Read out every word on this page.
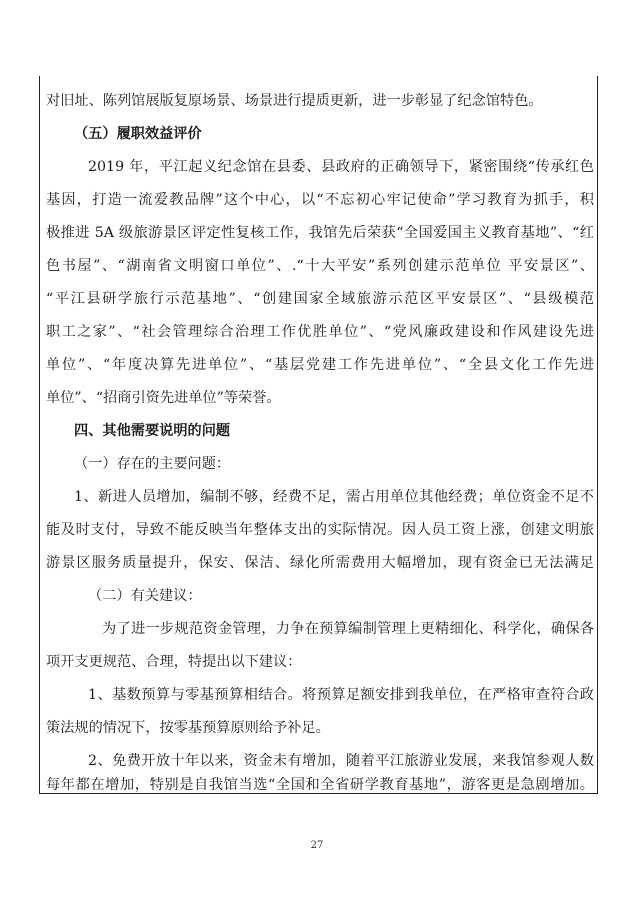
对旧址、陈列馆展版复原场景、场景进行提质更新，进一步彰显了纪念馆特色。
（五）履职效益评价
2019 年，平江起义纪念馆在县委、县政府的正确领导下，紧密围绕“传承红色
基因，打造一流爱教品牌”这个中心，以“不忘初心牢记使命”学习教育为抓手，积
极推进 5A 级旅游景区评定性复核工作，我馆先后荣获“全国爱国主义教育基地”、“红
色书屋”、“湖南省文明窗口单位”、.“十大平安”系列创建示范单位 平安景区”、
“平江县研学旅行示范基地”、“创建国家全域旅游示范区平安景区”、“县级模范
职工之家”、“社会管理综合治理工作优胜单位”、“党风廉政建设和作风建设先进
单位”、“年度决算先进单位”、“基层党建工作先进单位”、“全县文化工作先进
单位”、“招商引资先进单位”等荣誉。
四、其他需要说明的问题
（一）存在的主要问题：
1、新进人员增加，编制不够，经费不足，需占用单位其他经费；单位资金不足不
能及时支付，导致不能反映当年整体支出的实际情况。因人员工资上涨，创建文明旅
游景区服务质量提升，保安、保洁、绿化所需费用大幅增加，现有资金已无法满足
（二）有关建议：
为了进一步规范资金管理，力争在预算编制管理上更精细化、科学化，确保各
项开支更规范、合理，特提出以下建议：
1、基数预算与零基预算相结合。将预算足额安排到我单位，在严格审查符合政
策法规的情况下，按零基预算原则给予补足。
2、免费开放十年以来，资金未有增加，随着平江旅游业发展，来我馆参观人数
每年都在增加，特别是自我馆当选“全国和全省研学教育基地”，游客更是急剧增加。
27
